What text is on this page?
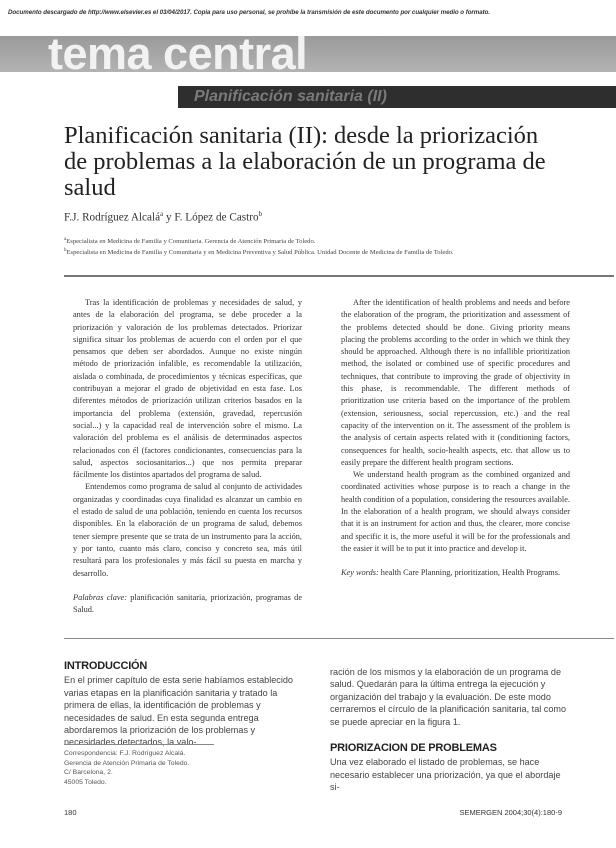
Documento descargado de http://www.elsevier.es el 03/04/2017. Copia para uso personal, se prohíbe la transmisión de este documento por cualquier medio o formato.
tema central
Planificación sanitaria (II)
Planificación sanitaria (II): desde la priorización de problemas a la elaboración de un programa de salud
F.J. Rodríguez Alcalá$^a$ y F. López de Castro$^b$
$^a$Especialista en Medicina de Familia y Comunitaria. Gerencia de Atención Primaria de Toledo.
$^b$Especialista en Medicina de Familia y Comunitaria y en Medicina Preventiva y Salud Pública. Unidad Docente de Medicina de Familia de Toledo.

Tras la identificación de problemas y necesidades de salud, y antes de la elaboración del programa, se debe proceder a la priorización y valoración de los problemas detectados. Priorizar significa situar los problemas de acuerdo con el orden por el que pensamos que deben ser abordados. Aunque no existe ningún método de priorización infalible, es recomendable la utilización, aislada o combinada, de procedimientos y técnicas específicas, que contribuyan a mejorar el grado de objetividad en esta fase. Los diferentes métodos de priorización utilizan criterios basados en la importancia del problema (extensión, gravedad, repercusión social...) y la capacidad real de intervención sobre el mismo. La valoración del problema es el análisis de determinados aspectos relacionados con él (factores condicionantes, consecuencias para la salud, aspectos sociosanitarios...) que nos permita preparar fácilmente los distintos apartados del programa de salud.

Entendemos como programa de salud al conjunto de actividades organizadas y coordinadas cuya finalidad es alcanzar un cambio en el estado de salud de una población, teniendo en cuenta los recursos disponibles. En la elaboración de un programa de salud, debemos tener siempre presente que se trata de un instrumento para la acción, y por tanto, cuanto más claro, conciso y concreto sea, más útil resultará para los profesionales y más fácil su puesta en marcha y desarrollo.

Palabras clave: planificación sanitaria, priorización, programas de Salud.

After the identification of health problems and needs and before the elaboration of the program, the prioritization and assessment of the problems detected should be done. Giving priority means placing the problems according to the order in which we think they should be approached. Although there is no infallible prioritization method, the isolated or combined use of specific procedures and techniques, that contribute to improving the grade of objectivity in this phase, is recommendable. The different methods of prioritization use criteria based on the importance of the problem (extension, seriousness, social repercussion, etc.) and the real capacity of the intervention on it. The assessment of the problem is the analysis of certain aspects related with it (conditioning factors, consequences for health, socio-health aspects, etc. that allow us to easily prepare the different health program sections.

We understand health program as the combined organized and coordinated activities whose purpose is to reach a change in the health condition of a population, considering the resources available. In the elaboration of a health program, we should always consider that it is an instrument for action and thus, the clearer, more concise and specific it is, the more useful it will be for the professionals and the easier it will be to put it into practice and develop it.

Key words: health Care Planning, prioritization, Health Programs.

INTRODUCCIÓN

En el primer capítulo de esta serie habíamos establecido varias etapas en la planificación sanitaria y tratado la primera de ellas, la identificación de problemas y necesidades de salud. En esta segunda entrega abordaremos la priorización de los problemas y necesidades detectados, la valo-

ración de los mismos y la elaboración de un programa de salud. Quedarán para la última entrega la ejecución y organización del trabajo y la evaluación. De este modo cerraremos el círculo de la planificación sanitaria, tal como se puede apreciar en la figura 1.

PRIORIZACION DE PROBLEMAS

Una vez elaborado el listado de problemas, se hace necesario establecer una priorización, ya que el abordaje si-

Correspondencia: F.J. Rodríguez Alcalá.
Gerencia de Atención Primaria de Toledo.
C/ Barcelona, 2.
45005 Toledo.
180	SEMERGEN 2004;30(4):180-9
